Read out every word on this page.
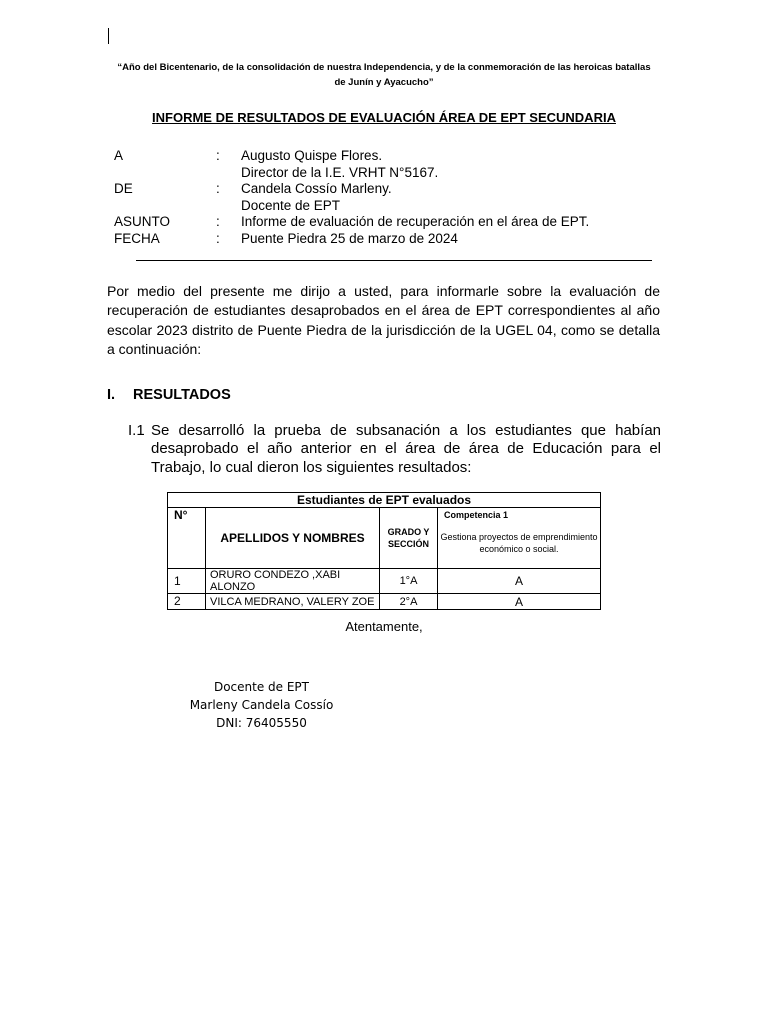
“Año del Bicentenario, de la consolidación de nuestra Independencia, y de la conmemoración de las heroicas batallas de Junín y Ayacucho”
INFORME DE RESULTADOS DE EVALUACIÓN ÁREA DE EPT SECUNDARIA
A	: Augusto Quispe Flores.
Director de la I.E. VRHT N°5167.
DE	: Candela Cossío Marleny.
Docente de EPT
ASUNTO	: Informe de evaluación de recuperación en el área de EPT.
FECHA	: Puente Piedra 25 de marzo de 2024
Por medio del presente me dirijo a usted, para informarle sobre la evaluación de recuperación de estudiantes desaprobados en el área de EPT correspondientes al año escolar 2023 distrito de Puente Piedra de la jurisdicción de la UGEL 04, como se detalla a continuación:
I. RESULTADOS
I.1 Se desarrolló la prueba de subsanación a los estudiantes que habían desaprobado el año anterior en el área de área de Educación para el Trabajo, lo cual dieron los siguientes resultados:
Estudiantes de EPT evaluados			
N°	APELLIDOS Y NOMBRES	GRADO Y SECCIÓN	Competencia 1
Gestiona proyectos de emprendimiento económico o social.

1	ORURO CONDEZO ,XABI ALONZO	1°A	A
2	VILCA MEDRANO, VALERY ZOE	2°A	A
Atentamente,
Docente de EPT
Marleny Candela Cossío
DNI: 76405550
